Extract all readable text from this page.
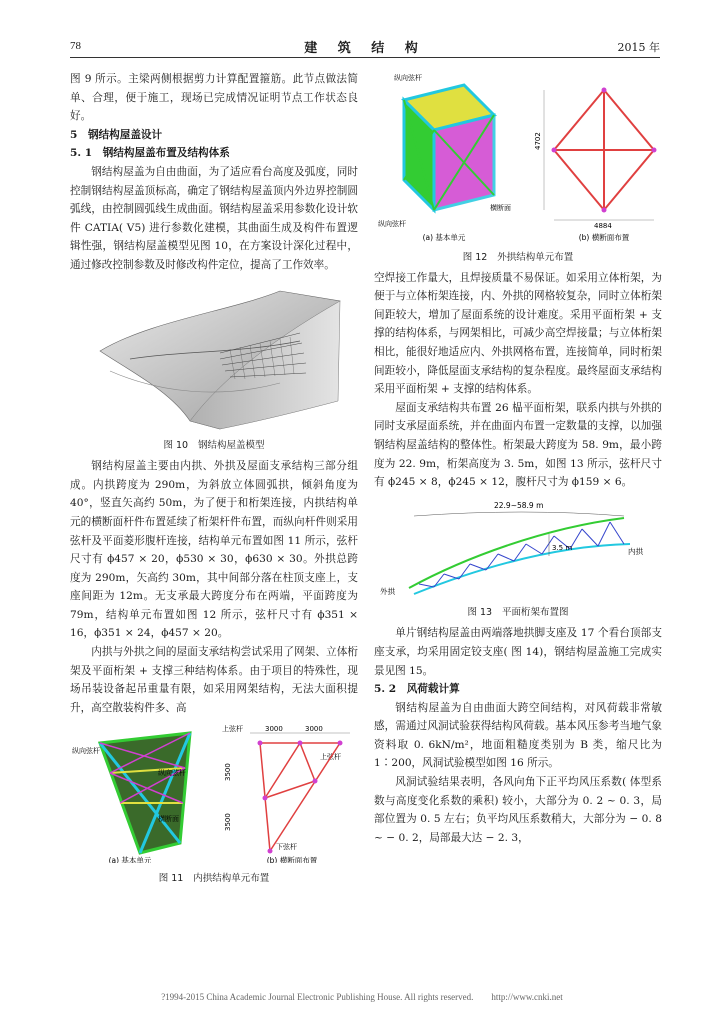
78	建 筑 结 构	2015 年

图 9 所示。主梁两侧根据剪力计算配置箍筋。此节点做法简单、合理，便于施工，现场已完成情况证明节点工作状态良好。

5　钢结构屋盖设计

5. 1　钢结构屋盖布置及结构体系

钢结构屋盖为自由曲面，为了适应看台高度及弧度，同时控制钢结构屋盖顶标高，确定了钢结构屋盖顶内外边界控制圆弧线，由控制圆弧线生成曲面。钢结构屋盖采用参数化设计软件 CATIA( V5) 进行参数化建模，其曲面生成及构件布置逻辑性强，钢结构屋盖模型见图 10，在方案设计深化过程中，通过修改控制参数及时修改构件定位，提高了工作效率。

图 10 钢结构屋盖模型

钢结构屋盖主要由内拱、外拱及屋面支承结构三部分组成。内拱跨度为 290m，为斜放立体圆弧拱，倾斜角度为 40°，竖直矢高约 50m，为了便于和桁架连接，内拱结构单元的横断面杆件布置延续了桁架杆件布置，而纵向杆件则采用弦杆及平面菱形腹杆连接，结构单元布置如图 11 所示，弦杆尺寸有 ϕ457 × 20，ϕ530 × 30，ϕ630 × 30。外拱总跨度为 290m，矢高约 30m，其中间部分落在柱顶支座上，支座间距为 12m。无支承最大跨度分布在两端，平面跨度为 79m，结构单元布置如图 12 所示，弦杆尺寸有 ϕ351 × 16，ϕ351 × 24，ϕ457 × 20。

内拱与外拱之间的屋面支承结构尝试采用了网架、立体桁架及平面桁架 + 支撑三种结构体系。由于项目的特殊性，现场吊装设备起吊重量有限，如采用网架结构，无法大面积提升，高空散装构件多、高

纵向弦杆
纵向弦杆
横断面
3000	3000
上弦杆
上弦杆
3500
3500
下弦杆
(a) 基本单元	(b) 横断面布置
图 11 内拱结构单元布置
纵向弦杆
纵向弦杆
横断面
4702
4884
(a) 基本单元	(b) 横断面布置
图 12 外拱结构单元布置

空焊接工作量大，且焊接质量不易保证。如采用立体桁架，为便于与立体桁架连接，内、外拱的网格较复杂，同时立体桁架间距较大，增加了屋面系统的设计难度。采用平面桁架 + 支撑的结构体系，与网架相比，可减少高空焊接量；与立体桁架相比，能很好地适应内、外拱网格布置，连接简单，同时桁架间距较小，降低屋面支承结构的复杂程度。最终屋面支承结构采用平面桁架 + 支撑的结构体系。

屋面支承结构共布置 26 榀平面桁架，联系内拱与外拱的同时支承屋面系统，并在曲面内布置一定数量的支撑，以加强钢结构屋盖结构的整体性。桁架最大跨度为 58. 9m，最小跨度为 22. 9m，桁架高度为 3. 5m，如图 13 所示，弦杆尺寸有 ϕ245 × 8，ϕ245 × 12，腹杆尺寸为 ϕ159 × 6。

22.9~58.9 m
3.5 m	内拱
外拱
图 13 平面桁架布置图

单片钢结构屋盖由两端落地拱脚支座及 17 个看台顶部支座支承，均采用固定铰支座( 图 14)，钢结构屋盖施工完成实景见图 15。

5. 2　风荷载计算

钢结构屋盖为自由曲面大跨空间结构，对风荷载非常敏感，需通过风洞试验获得结构风荷载。基本风压参考当地气象资料取 0. 6kN/m²，地面粗糙度类别为 B 类，缩尺比为 1∶200，风洞试验模型如图 16 所示。

风洞试验结果表明，各风向角下正平均风压系数( 体型系数与高度变化系数的乘积) 较小，大部分为 0. 2 ~ 0. 3，局部位置为 0. 5 左右；负平均风压系数稍大，大部分为 − 0. 8 ~ − 0. 2，局部最大达 − 2. 3，

?1994-2015 China Academic Journal Electronic Publishing House. All rights reserved.　　http://www.cnki.net
